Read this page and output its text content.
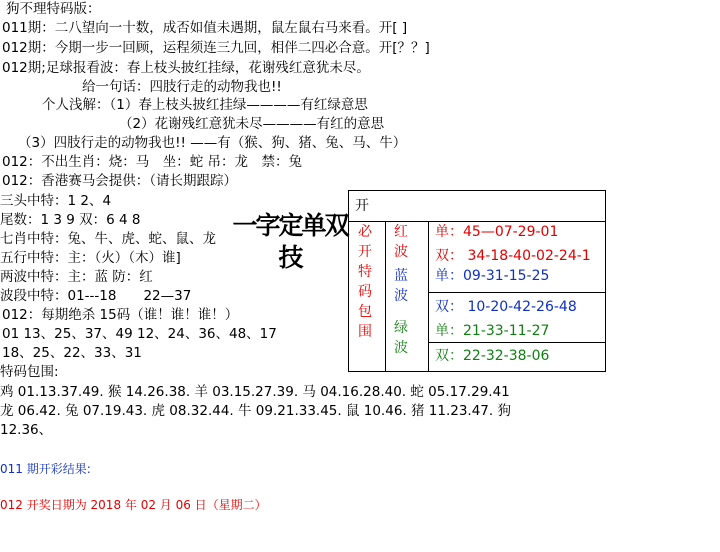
狗不理特码版：
011期：二八望向一十数，成否如值未遇期，鼠左鼠右马来看。开[ ]
012期：今期一步一回顾，运程须连三九回，相伴二四必合意。开[？？]
012期;足球报看波：春上枝头披红挂绿，花谢残红意犹未尽。
给一句话：四肢行走的动物我也!!
个人浅解：（1）春上枝头披红挂绿————有红绿意思
（2）花谢残红意犹未尽————有红的意思
（3）四肢行走的动物我也!! ——有（猴、狗、猪、兔、马、牛）
012：不出生肖：烧：马　坐：蛇 吊：龙　禁：兔
012：香港赛马会提供：（请长期跟踪）
三头中特：1 2、4
尾数：1 3 9 双：6 4 8
七肖中特：兔、牛、虎、蛇、鼠、龙
五行中特：主：（火）（木）谁]
两波中特：主：蓝 防：红
波段中特：01---18　　22—37
012：每期绝杀 15码（谁！谁！谁！）
01 13、25、37、49 12、24、36、48、17
18、25、22、33、31
特码包围:
鸡 01.13.37.49. 猴 14.26.38. 羊 03.15.27.39. 马 04.16.28.40. 蛇 05.17.29.41
龙 06.42. 兔 07.19.43. 虎 08.32.44. 牛 09.21.33.45. 鼠 10.46. 猪 11.23.47. 狗
12.36、
011 期开彩结果:
012 开奖日期为 2018 年 02 月 06 日（星期二）
一字定单双
技
开
必
开
特
码
包
围
红
波
蓝
波
绿
波
单：45—07-29-01
双： 34-18-40-02-24-1
单：09-31-15-25
双： 10-20-42-26-48
单：21-33-11-27
双：22-32-38-06
